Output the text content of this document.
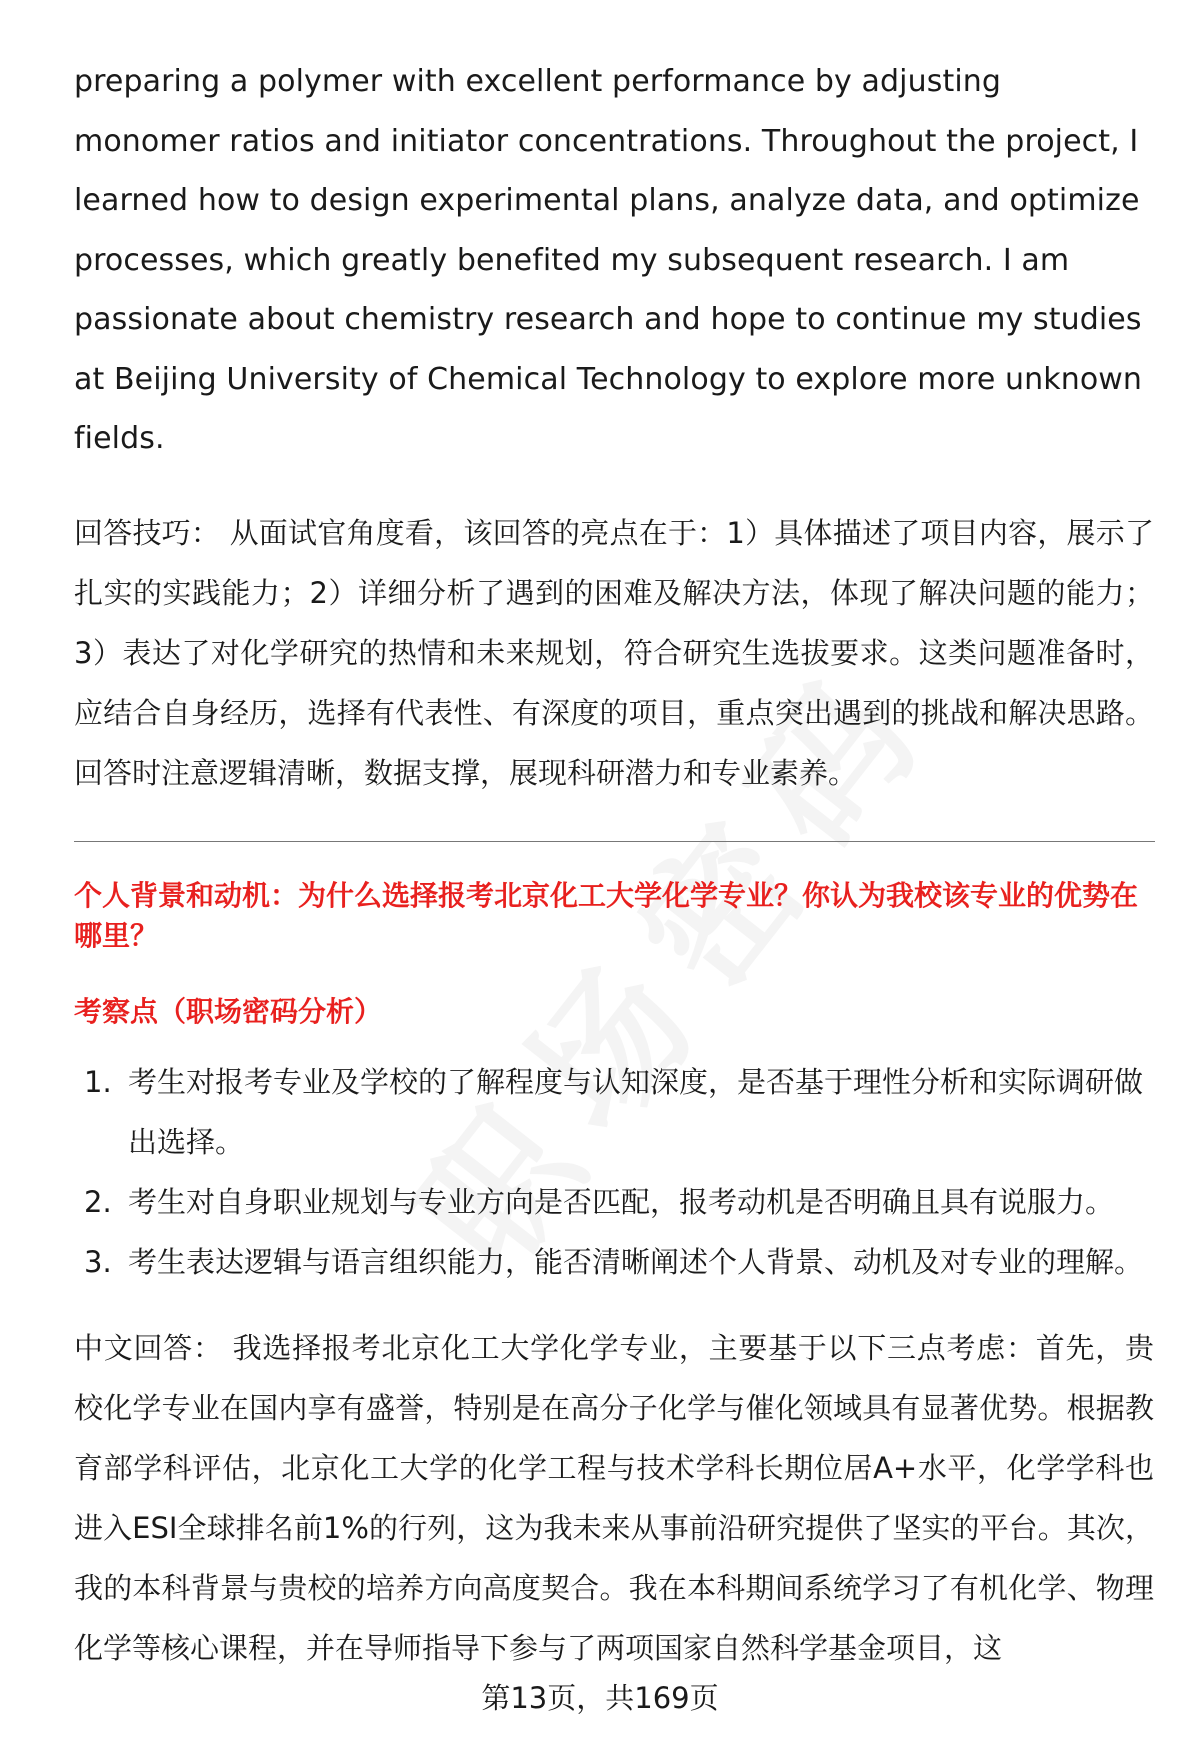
preparing a polymer with excellent performance by adjusting monomer ratios and initiator concentrations. Throughout the project, I learned how to design experimental plans, analyze data, and optimize processes, which greatly benefited my subsequent research. I am passionate about chemistry research and hope to continue my studies at Beijing University of Chemical Technology to explore more unknown fields.

回答技巧： 从面试官角度看，该回答的亮点在于：1）具体描述了项目内容，展示了扎实的实践能力；2）详细分析了遇到的困难及解决方法，体现了解决问题的能力；3）表达了对化学研究的热情和未来规划，符合研究生选拔要求。这类问题准备时，应结合自身经历，选择有代表性、有深度的项目，重点突出遇到的挑战和解决思路。回答时注意逻辑清晰，数据支撑，展现科研潜力和专业素养。

个人背景和动机：为什么选择报考北京化工大学化学专业？你认为我校该专业的优势在哪里？
考察点（职场密码分析）
1. 考生对报考专业及学校的了解程度与认知深度，是否基于理性分析和实际调研做出选择。
2. 考生对自身职业规划与专业方向是否匹配，报考动机是否明确且具有说服力。
3. 考生表达逻辑与语言组织能力，能否清晰阐述个人背景、动机及对专业的理解。

中文回答： 我选择报考北京化工大学化学专业，主要基于以下三点考虑：首先，贵校化学专业在国内享有盛誉，特别是在高分子化学与催化领域具有显著优势。根据教育部学科评估，北京化工大学的化学工程与技术学科长期位居A+水平，化学学科也进入ESI全球排名前1%的行列，这为我未来从事前沿研究提供了坚实的平台。其次，我的本科背景与贵校的培养方向高度契合。我在本科期间系统学习了有机化学、物理化学等核心课程，并在导师指导下参与了两项国家自然科学基金项目，这

第13页，共169页
